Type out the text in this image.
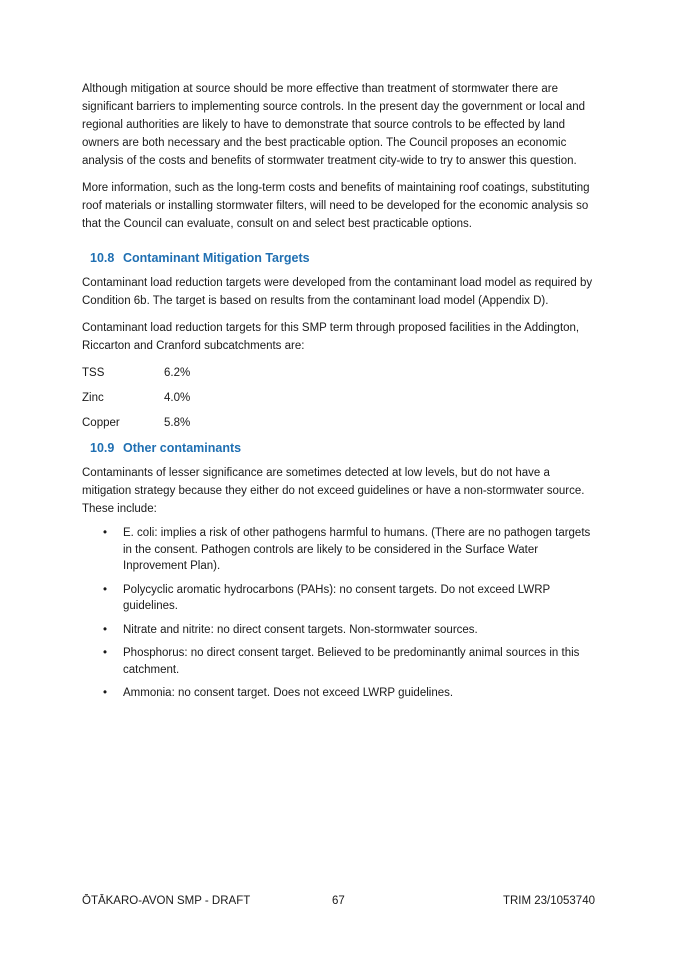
Although mitigation at source should be more effective than treatment of stormwater there are significant barriers to implementing source controls. In the present day the government or local and regional authorities are likely to have to demonstrate that source controls to be effected by land owners are both necessary and the best practicable option. The Council proposes an economic analysis of the costs and benefits of stormwater treatment city-wide to try to answer this question.

More information, such as the long-term costs and benefits of maintaining roof coatings, substituting roof materials or installing stormwater filters, will need to be developed for the economic analysis so that the Council can evaluate, consult on and select best practicable options.

10.8 Contaminant Mitigation Targets

Contaminant load reduction targets were developed from the contaminant load model as required by Condition 6b. The target is based on results from the contaminant load model (Appendix D).

Contaminant load reduction targets for this SMP term through proposed facilities in the Addington, Riccarton and Cranford subcatchments are:

TSS	6.2%
Zinc	4.0%
Copper	5.8%
10.9 Other contaminants

Contaminants of lesser significance are sometimes detected at low levels, but do not have a mitigation strategy because they either do not exceed guidelines or have a non-stormwater source. These include:

• E. coli: implies a risk of other pathogens harmful to humans. (There are no pathogen targets in the consent. Pathogen controls are likely to be considered in the Surface Water Inprovement Plan).
• Polycyclic aromatic hydrocarbons (PAHs): no consent targets. Do not exceed LWRP guidelines.
• Nitrate and nitrite: no direct consent targets. Non-stormwater sources.
• Phosphorus: no direct consent target. Believed to be predominantly animal sources in this catchment.
• Ammonia: no consent target. Does not exceed LWRP guidelines.
ŌTĀKARO-AVON SMP - DRAFT	67	TRIM 23/1053740
